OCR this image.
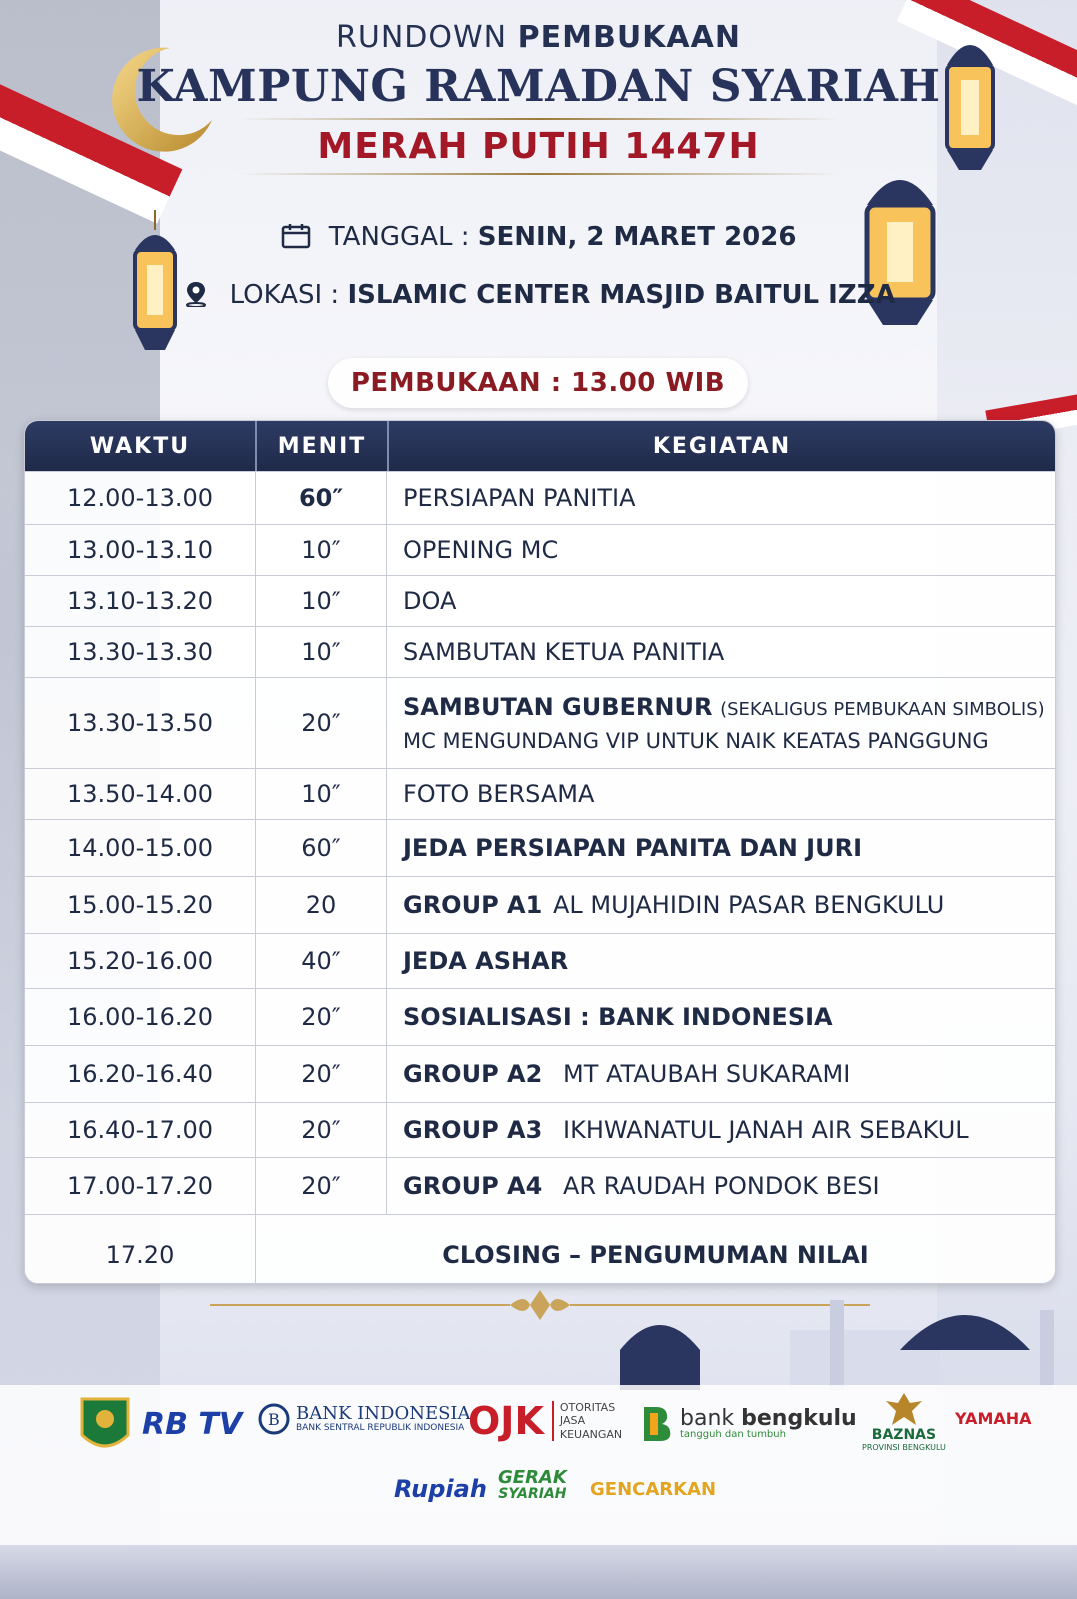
RUNDOWN PEMBUKAAN
KAMPUNG RAMADAN SYARIAH
MERAH PUTIH 1447H
TANGGAL : SENIN, 2 MARET 2026
LOKASI : ISLAMIC CENTER MASJID BAITUL IZZA
PEMBUKAAN : 13.00 WIB
WAKTU	MENIT	KEGIATAN
12.00-13.00	60″	PERSIAPAN PANITIA
13.00-13.10	10″	OPENING MC
13.10-13.20	10″	DOA
13.30-13.30	10″	SAMBUTAN KETUA PANITIA
13.30-13.50	20″
SAMBUTAN GUBERNUR (SEKALIGUS PEMBUKAAN SIMBOLIS)
MC MENGUNDANG VIP UNTUK NAIK KEATAS PANGGUNG
13.50-14.00	10″	FOTO BERSAMA
14.00-15.00	60″	JEDA PERSIAPAN PANITA DAN JURI
15.00-15.20	20	GROUP A1 AL MUJAHIDIN PASAR BENGKULU
15.20-16.00	40″	JEDA ASHAR
16.00-16.20	20″	SOSIALISASI : BANK INDONESIA
16.20-16.40	20″	GROUP A2 MT ATAUBAH SUKARAMI
16.40-17.00	20″	GROUP A3 IKHWANATUL JANAH AIR SEBAKUL
17.00-17.20	20″	GROUP A4 AR RAUDAH PONDOK BESI
17.20	CLOSING – PENGUMUMAN NILAI
RB TV B BANK INDONESIA
BANK SENTRAL REPUBLIK INDONESIA OJK OTORITAS
JASA
KEUANGAN
bank bengkulu
tangguh dan tumbuh	BAZNAS
PROVINSI BENGKULU
YAMAHA
Rupiah GERAK
SYARIAH GENCARKAN
